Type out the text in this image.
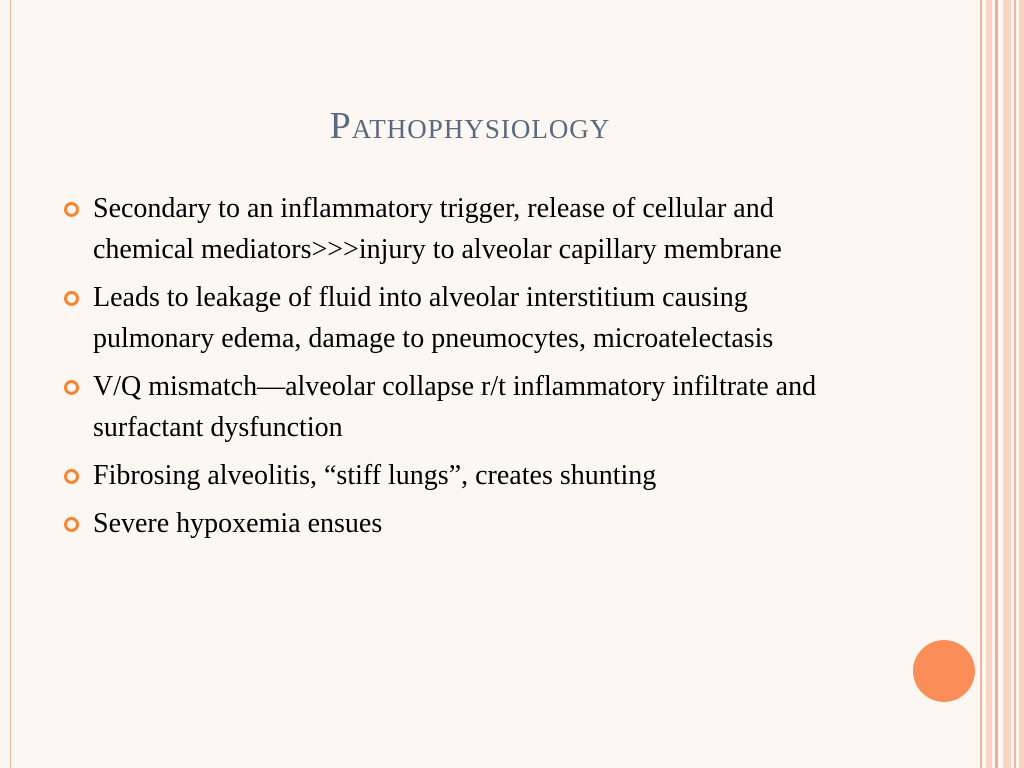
Pathophysiology
Secondary to an inflammatory trigger, release of cellular and chemical mediators>>>injury to alveolar capillary membrane
Leads to leakage of fluid into alveolar interstitium causing pulmonary edema, damage to pneumocytes, microatelectasis
V/Q mismatch—alveolar collapse r/t inflammatory infiltrate and surfactant dysfunction
Fibrosing alveolitis, “stiff lungs”, creates shunting
Severe hypoxemia ensues
